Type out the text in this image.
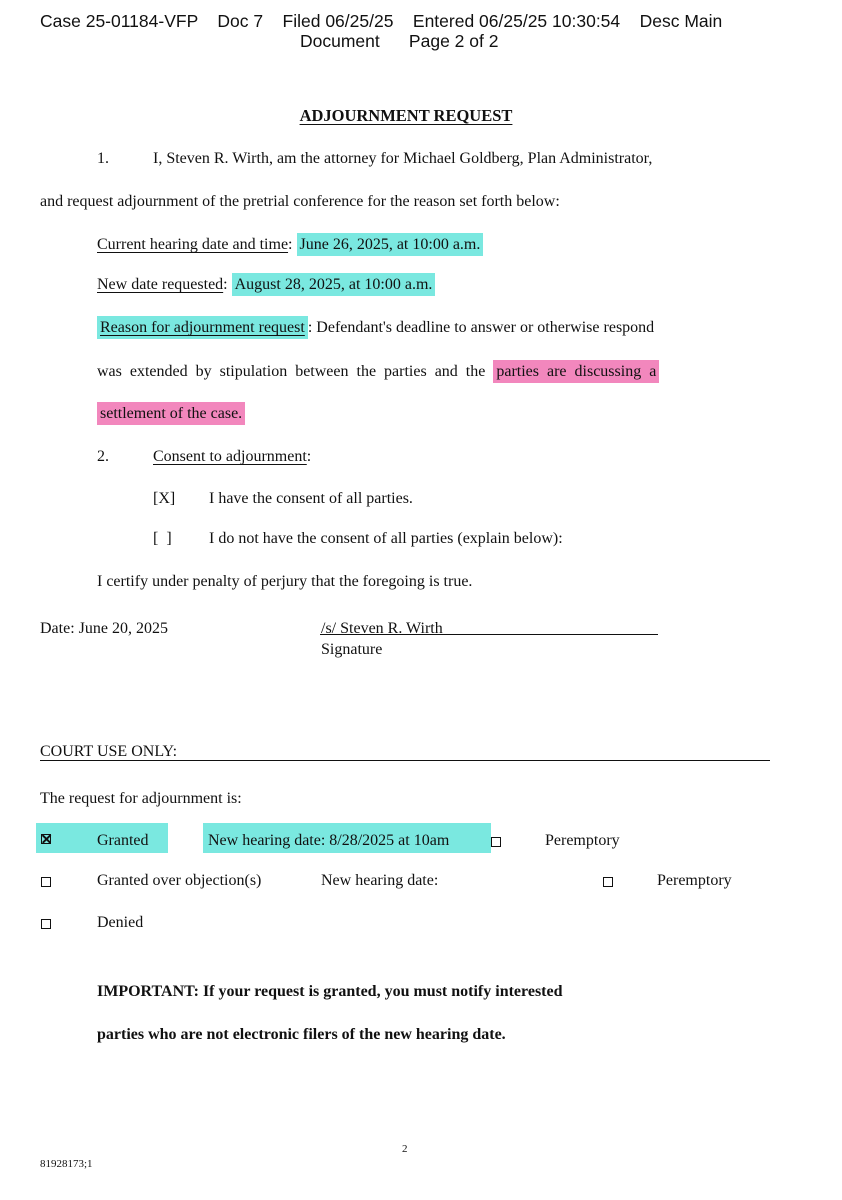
Case 25-01184-VFP    Doc 7    Filed 06/25/25    Entered 06/25/25 10:30:54    Desc Main
Document      Page 2 of 2
ADJOURNMENT REQUEST
1.	I, Steven R. Wirth, am the attorney for Michael Goldberg, Plan Administrator,
and request adjournment of the pretrial conference for the reason set forth below:
Current hearing date and time: June 26, 2025, at 10:00 a.m.
New date requested: August 28, 2025, at 10:00 a.m.
Reason for adjournment request : Defendant's deadline to answer or otherwise respond
was extended by stipulation between the parties and the parties are discussing a
settlement of the case.
2.	Consent to adjournment:
[X] I have the consent of all parties.
[  ] I do not have the consent of all parties (explain below):
I certify under penalty of perjury that the foregoing is true.
Date: June 20, 2025	/s/ Steven R. Wirth
Signature
COURT USE ONLY:
The request for adjournment is:
Granted	New hearing date: 8/28/2025 at 10am	Peremptory
Granted over objection(s)	New hearing date:	Peremptory
Denied
IMPORTANT: If your request is granted, you must notify interested
parties who are not electronic filers of the new hearing date.
2
81928173;1
